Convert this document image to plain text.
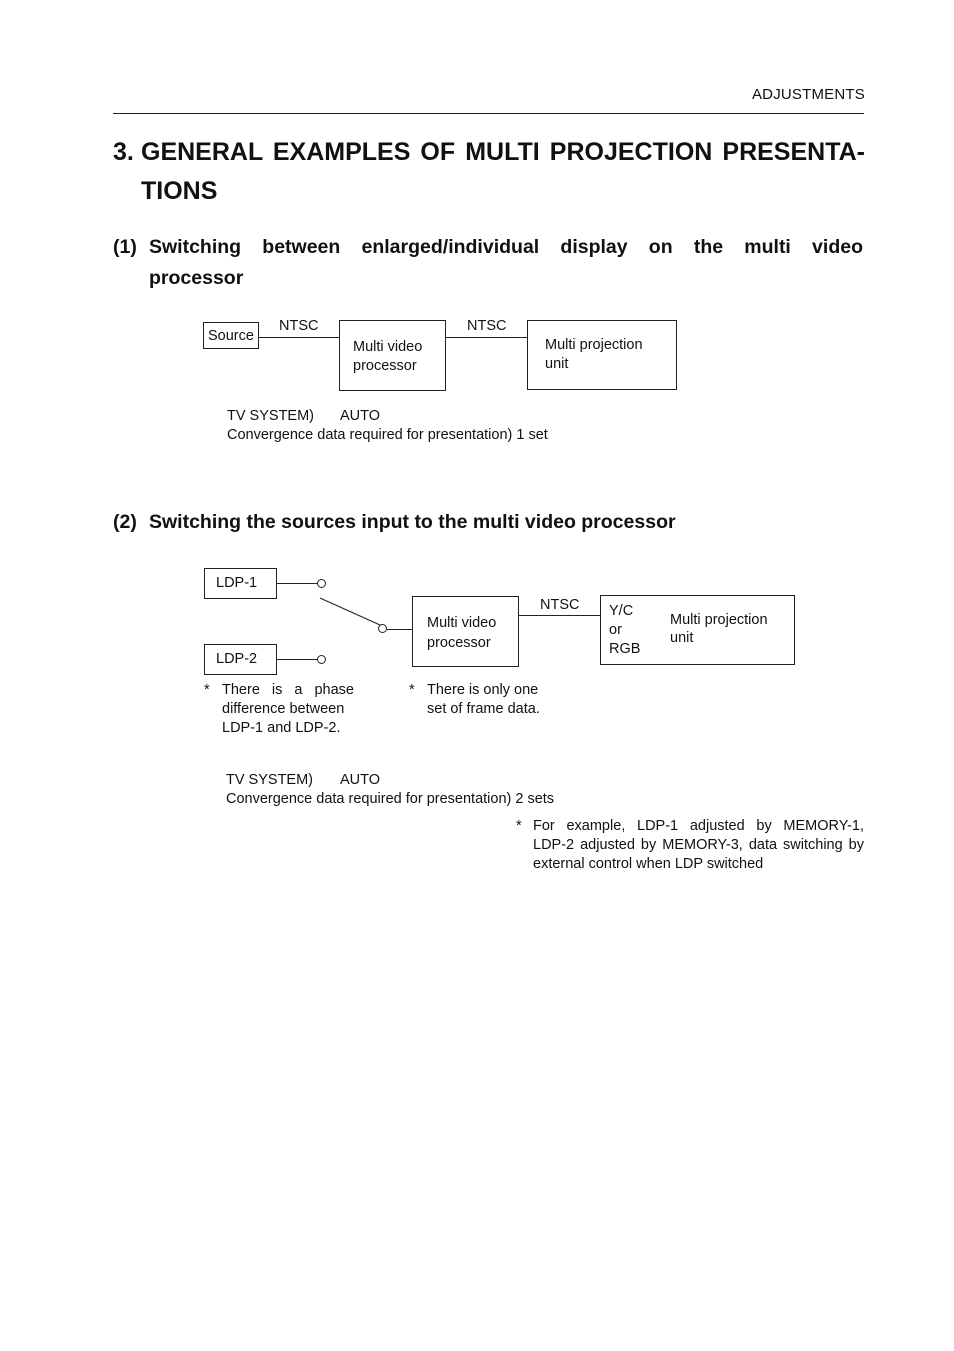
ADJUSTMENTS
3. GENERAL EXAMPLES OF MULTI PROJECTION PRESENTA-
TIONS
(1) Switching between enlarged/individual display on the multi video
processor
Source
NTSC
Multi video
processor
NTSC
Multi projection
unit
TV SYSTEM) AUTO
Convergence data required for presentation) 1 set
(2) Switching the sources input to the multi video processor
LDP-1
LDP-2
Multi video
processor
NTSC Y/C
or
RGB
Multi projection
unit
* There is a phase
difference between
LDP-1 and LDP-2.
* There is only one
set of frame data.
TV SYSTEM) AUTO
Convergence data required for presentation) 2 sets
* For example, LDP-1 adjusted by MEMORY-1,
LDP-2 adjusted by MEMORY-3, data switching by
external control when LDP switched
